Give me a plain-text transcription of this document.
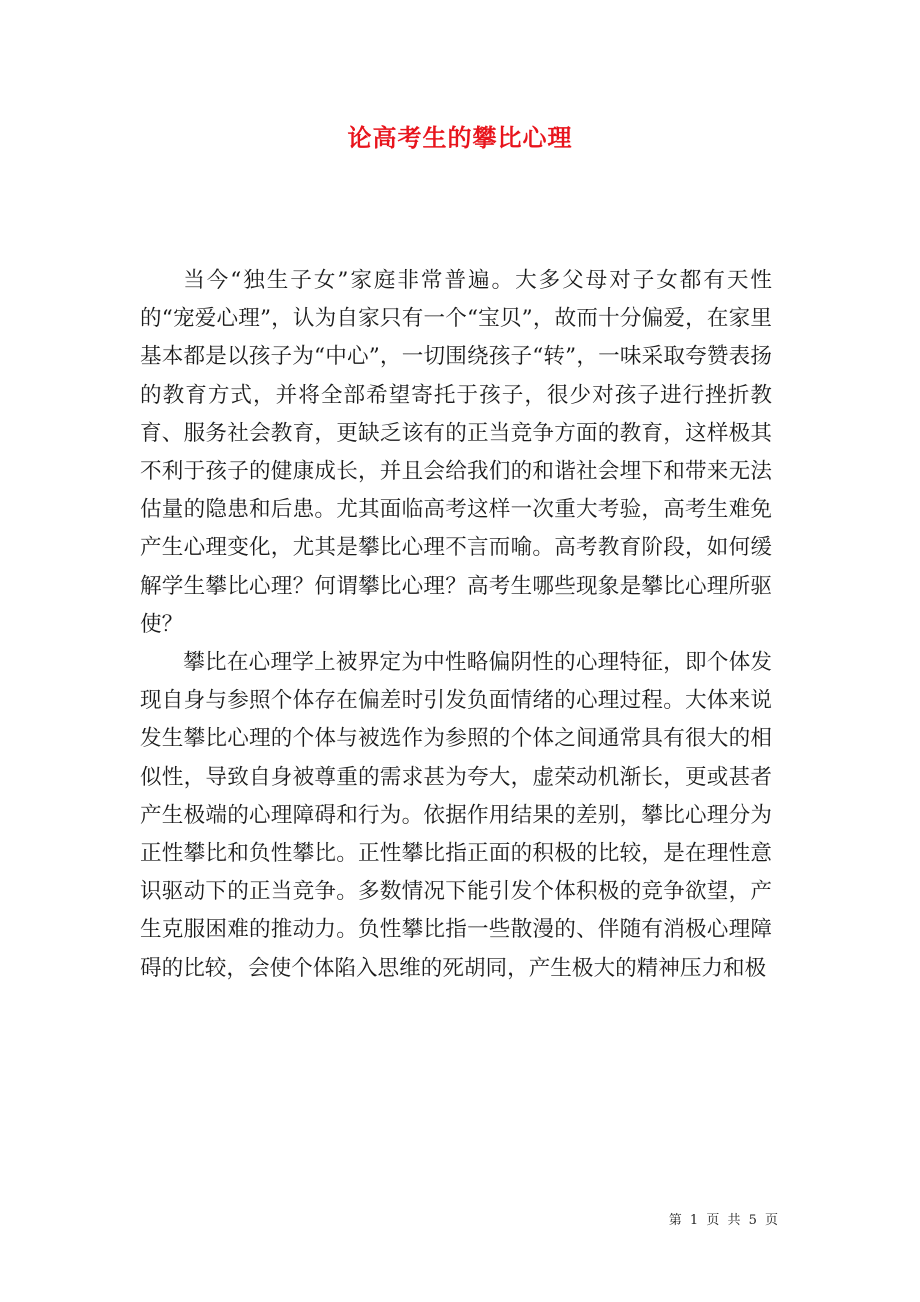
论高考生的攀比心理

当今“独生子女”家庭非常普遍。大多父母对子女都有天性的“宠爱心理”，认为自家只有一个“宝贝”，故而十分偏爱，在家里基本都是以孩子为“中心”，一切围绕孩子“转”，一味采取夸赞表扬的教育方式，并将全部希望寄托于孩子，很少对孩子进行挫折教育、服务社会教育，更缺乏该有的正当竞争方面的教育，这样极其不利于孩子的健康成长，并且会给我们的和谐社会埋下和带来无法估量的隐患和后患。尤其面临高考这样一次重大考验，高考生难免产生心理变化，尤其是攀比心理不言而喻。高考教育阶段，如何缓解学生攀比心理？何谓攀比心理？高考生哪些现象是攀比心理所驱使？

攀比在心理学上被界定为中性略偏阴性的心理特征，即个体发现自身与参照个体存在偏差时引发负面情绪的心理过程。大体来说发生攀比心理的个体与被选作为参照的个体之间通常具有很大的相似性，导致自身被尊重的需求甚为夸大，虚荣动机渐长，更或甚者产生极端的心理障碍和行为。依据作用结果的差别，攀比心理分为正性攀比和负性攀比。正性攀比指正面的积极的比较，是在理性意识驱动下的正当竞争。多数情况下能引发个体积极的竞争欲望，产生克服困难的推动力。负性攀比指一些散漫的、伴随有消极心理障碍的比较，会使个体陷入思维的死胡同，产生极大的精神压力和极

第 1 页 共 5 页
